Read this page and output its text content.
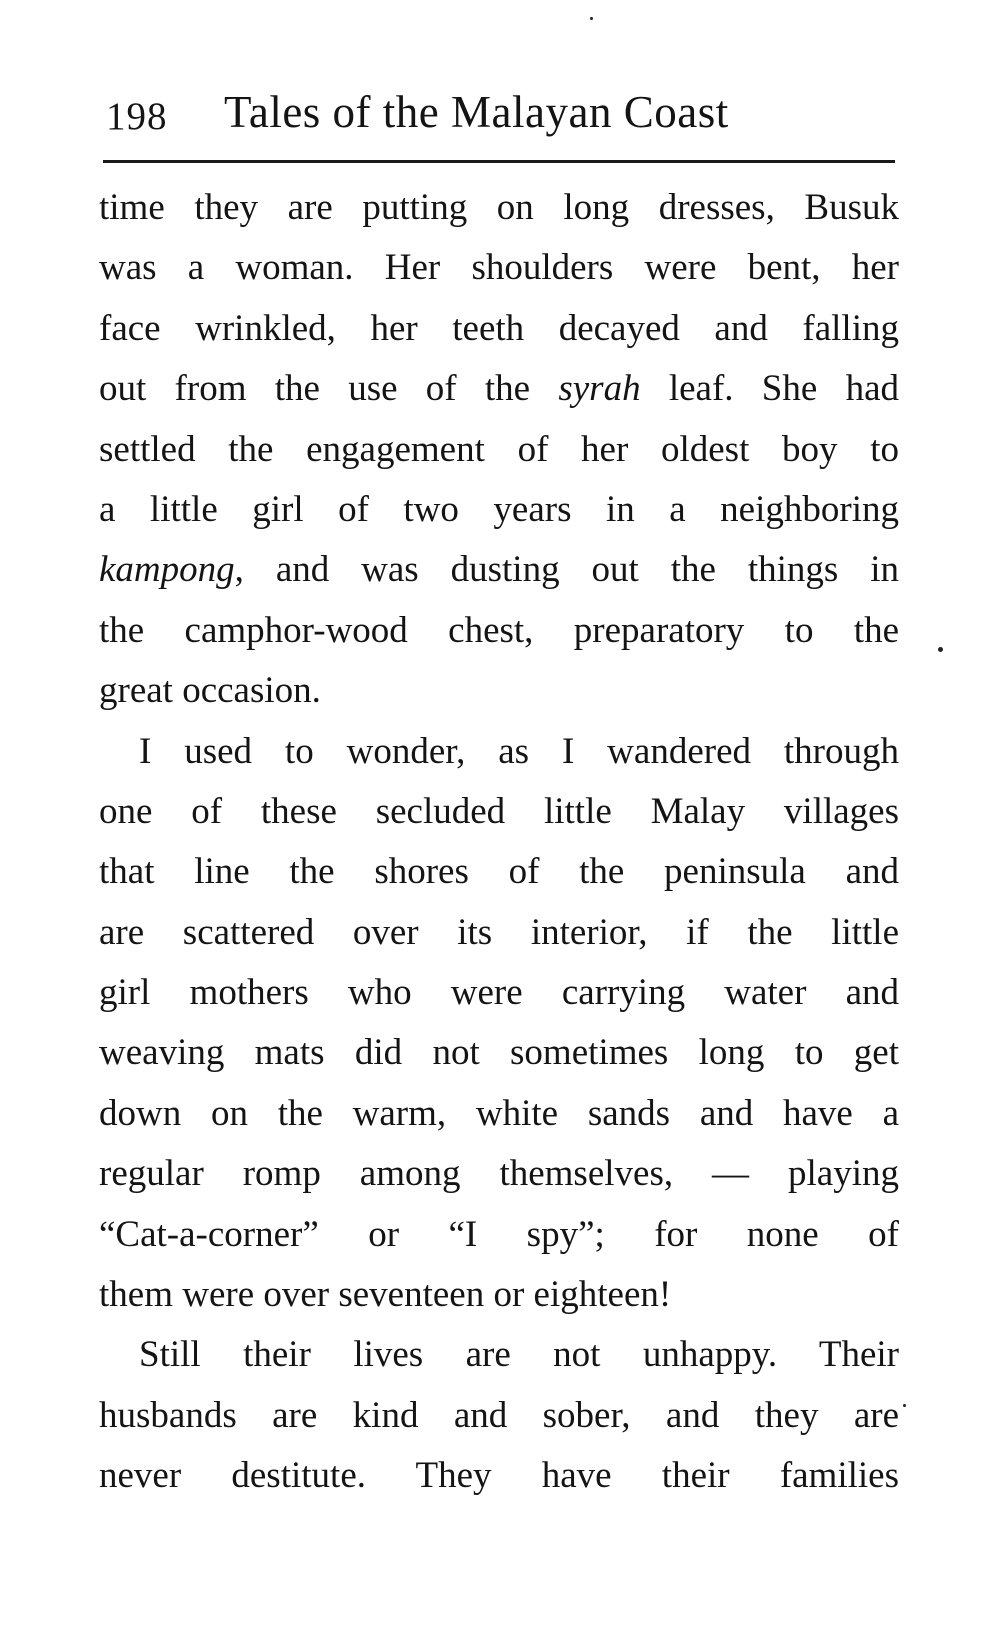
198 Tales of the Malayan Coast
time they are putting on long dresses, Busuk
was a woman. Her shoulders were bent, her
face wrinkled, her teeth decayed and falling
out from the use of the syrah leaf. She had
settled the engagement of her oldest boy to
a little girl of two years in a neighboring
kampong, and was dusting out the things in
the camphor-wood chest, preparatory to the
great occasion.
I used to wonder, as I wandered through
one of these secluded little Malay villages
that line the shores of the peninsula and
are scattered over its interior, if the little
girl mothers who were carrying water and
weaving mats did not sometimes long to get
down on the warm, white sands and have a
regular romp among themselves, — playing
“Cat-a-corner” or “I spy”; for none of
them were over seventeen or eighteen!
Still their lives are not unhappy. Their
husbands are kind and sober, and they are
never destitute. They have their families
